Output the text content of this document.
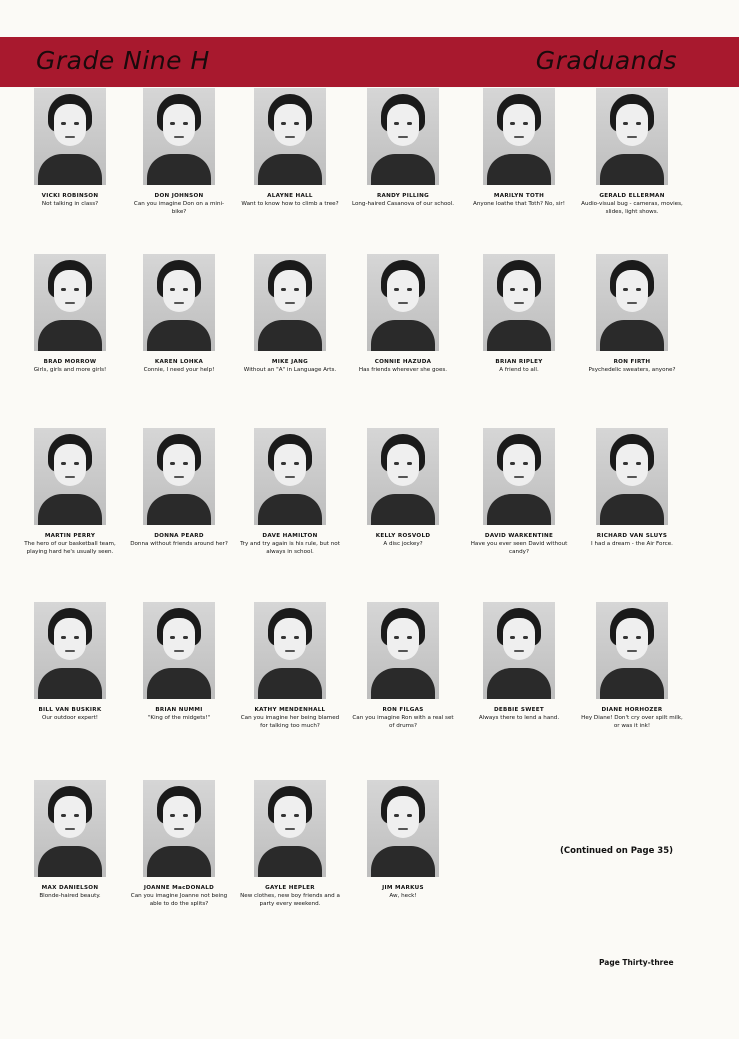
Grade Nine H	Graduands
VICKI ROBINSON
Not talking in class?
DON JOHNSON
Can you imagine Don on a mini-bike?
ALAYNE HALL
Want to know how to climb a tree?
RANDY PILLING
Long-haired Casanova of our school.
MARILYN TOTH
Anyone loathe that Toth? No, sir!
GERALD ELLERMAN
Audio-visual bug - cameras, movies, slides, light shows.
BRAD MORROW
Girls, girls and more girls!
KAREN LOHKA
Connie, I need your help!
MIKE JANG
Without an "A" in Language Arts.
CONNIE HAZUDA
Has friends wherever she goes.
BRIAN RIPLEY
A friend to all.
RON FIRTH
Psychedelic sweaters, anyone?
MARTIN PERRY
The hero of our basketball team, playing hard he's usually seen.
DONNA PEARD
Donna without friends around her?
DAVE HAMILTON
Try and try again is his rule, but not always in school.
KELLY ROSVOLD
A disc jockey?
DAVID WARKENTINE
Have you ever seen David without candy?
RICHARD VAN SLUYS
I had a dream - the Air Force.
BILL VAN BUSKIRK
Our outdoor expert!
BRIAN NUMMI
"King of the midgets!"
KATHY MENDENHALL
Can you imagine her being blamed for talking too much?
RON FILGAS
Can you imagine Ron with a real set of drums?
DEBBIE SWEET
Always there to lend a hand.
DIANE HORHOZER
Hey Diane! Don't cry over spilt milk, or was it ink!
MAX DANIELSON
Blonde-haired beauty.
JOANNE MacDONALD
Can you imagine Joanne not being able to do the splits?
GAYLE HEPLER
New clothes, new boy friends and a party every weekend.
JIM MARKUS
Aw, heck!
(Continued on Page 35)
Page Thirty-three
